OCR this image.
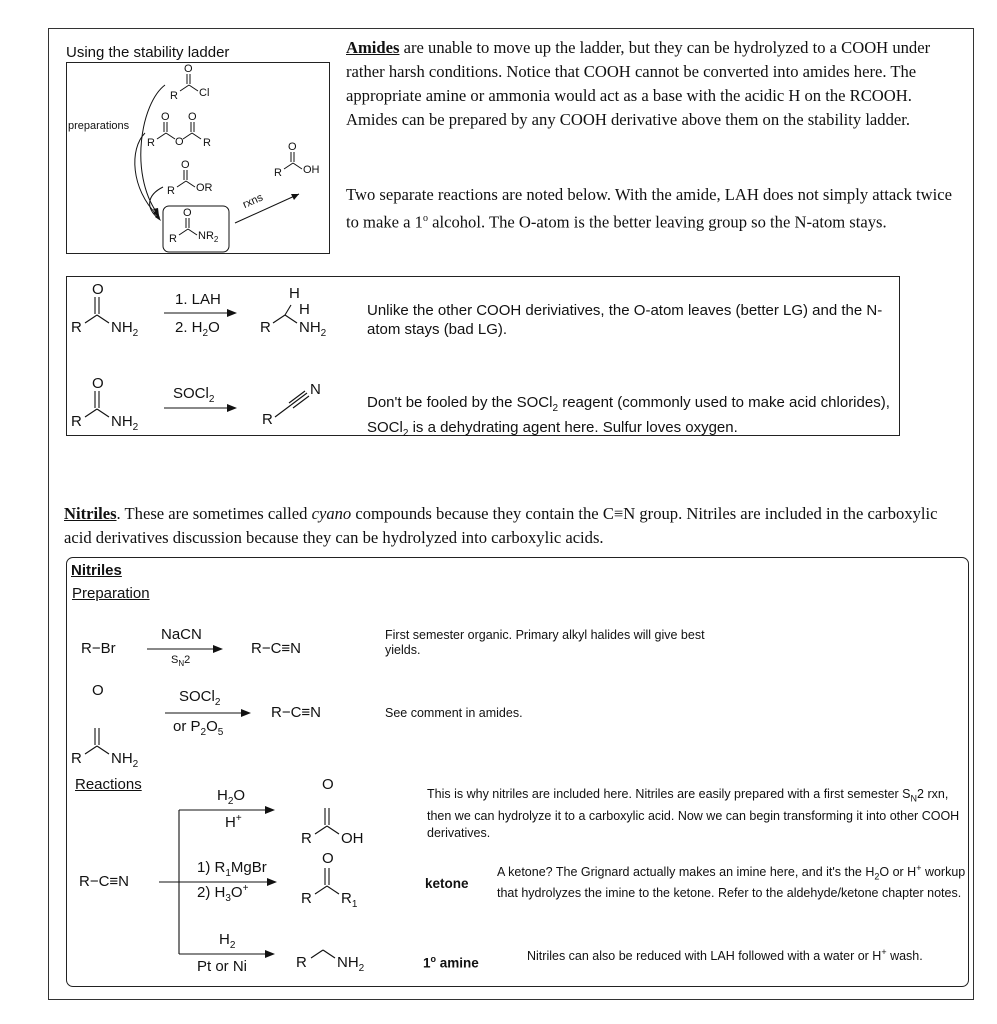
Using the stability ladder
preparations
rxns
O
R Cl
O O
O
R	R
O
R OR
O
R $NR_2$
O
R OH
Amides are unable to move up the ladder, but they can be hydrolyzed to a COOH under rather harsh conditions. Notice that COOH cannot be converted into amides here. The appropriate amine or ammonia would act as a base with the acidic H on the RCOOH. Amides can be prepared by any COOH derivative above them on the stability ladder.
Two separate reactions are noted below. With the amide, LAH does not simply attack twice to make a 1$^o$ alcohol. The O-atom is the better leaving group so the N-atom stays.
O
R $NH_2$
1. LAH
2. $H_2O$
H
H
R $NH_2$
Unlike the other COOH deriviatives, the O-atom leaves (better LG) and the N-atom stays (bad LG).
O
R $NH_2$
SOCl$_2$
R
N
Don't be fooled by the SOCl$_2$ reagent (commonly used to make acid chlorides), SOCl$_2$ is a dehydrating agent here. Sulfur loves oxygen.
Nitriles. These are sometimes called cyano compounds because they contain the C≡N group. Nitriles are included in the carboxylic acid derivatives discussion because they can be hydrolyzed into carboxylic acids.
Nitriles
Preparation
R−Br
NaCN
$S_N2$
R−C≡N
First semester organic. Primary alkyl halides will give best yields.
O
R $NH_2$
SOCl$_2$
or $P_2O_5$
R−C≡N	See comment in amides.
Reactions
R−C≡N
$H_2O$
H+
O
R OH
This is why nitriles are included here. Nitriles are easily prepared with a first semester $S_N2$ rxn, then we can hydrolyze it to a carboxylic acid. Now we can begin transforming it into other COOH derivatives.
1) $R_1MgBr$
2) $H_3O^+$
O
R $R_1$
ketone
A ketone? The Grignard actually makes an imine here, and it's the $H_2O$ or H+ workup that hydrolyzes the imine to the ketone. Refer to the aldehyde/ketone chapter notes.
$H_2$
Pt or Ni	R $NH_2$	1$^o$ amine	Nitriles can also be reduced with LAH followed with a water or H+ wash.
